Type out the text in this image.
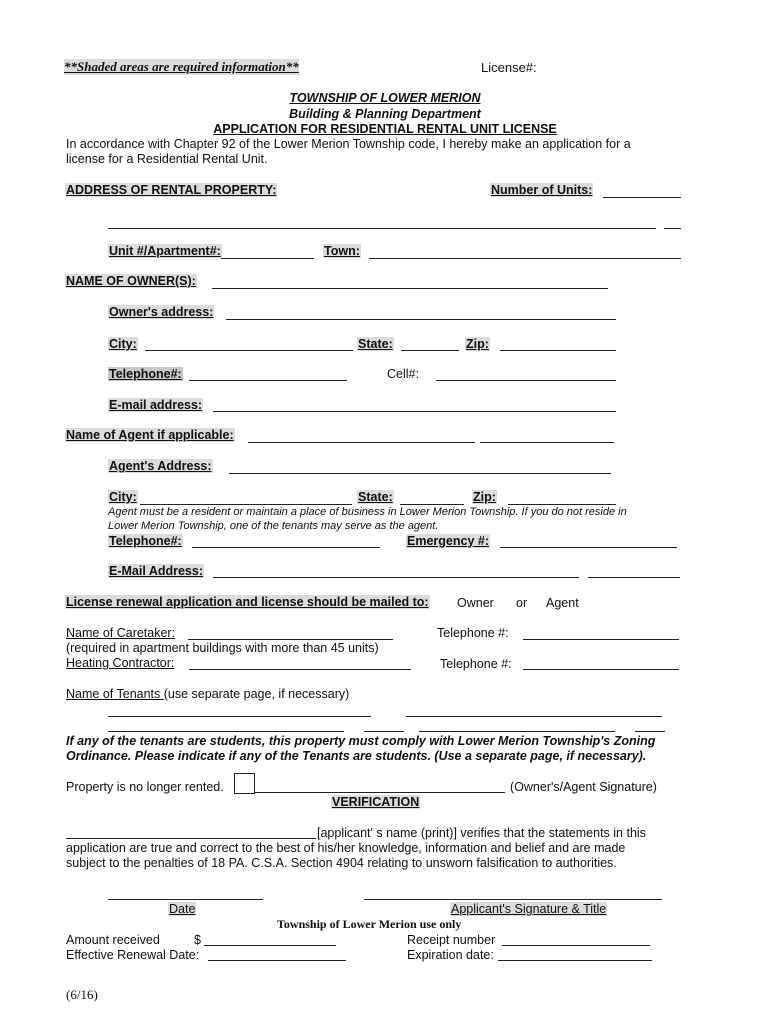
**Shaded areas are required information**	License#:
TOWNSHIP OF LOWER MERION
Building & Planning Department
APPLICATION FOR RESIDENTIAL RENTAL UNIT LICENSE
In accordance with Chapter 92 of the Lower Merion Township code, I hereby make an application for a
license for a Residential Rental Unit.
ADDRESS OF RENTAL PROPERTY:	Number of Units:
Unit #/Apartment#:	Town:
NAME OF OWNER(S):
Owner's address:
City:	State:	Zip:
Telephone#:	Cell#:
E-mail address:
Name of Agent if applicable:
Agent's Address:
City:	State:	Zip:
Agent must be a resident or maintain a place of business in Lower Merion Township. If you do not reside in
Lower Merion Township, one of the tenants may serve as the agent.
Telephone#:	Emergency #:
E-Mail Address:
License renewal application and license should be mailed to: Owner or Agent
Name of Caretaker:	Telephone #:
(required in apartment buildings with more than 45 units)
Heating Contractor:	Telephone #:
Name of Tenants (use separate page, if necessary)
If any of the tenants are students, this property must comply with Lower Merion Township's Zoning
Ordinance. Please indicate if any of the Tenants are students. (Use a separate page, if necessary).
Property is no longer rented.	(Owner's/Agent Signature)
VERIFICATION
[applicant' s name (print)] verifies that the statements in this
application are true and correct to the best of his/her knowledge, information and belief and are made
subject to the penalties of 18 PA. C.S.A. Section 4904 relating to unsworn falsification to authorities.
Date	Applicant's Signature & Title
Township of Lower Merion use only
Amount received	$	Receipt number
Effective Renewal Date:	Expiration date:
(6/16)
